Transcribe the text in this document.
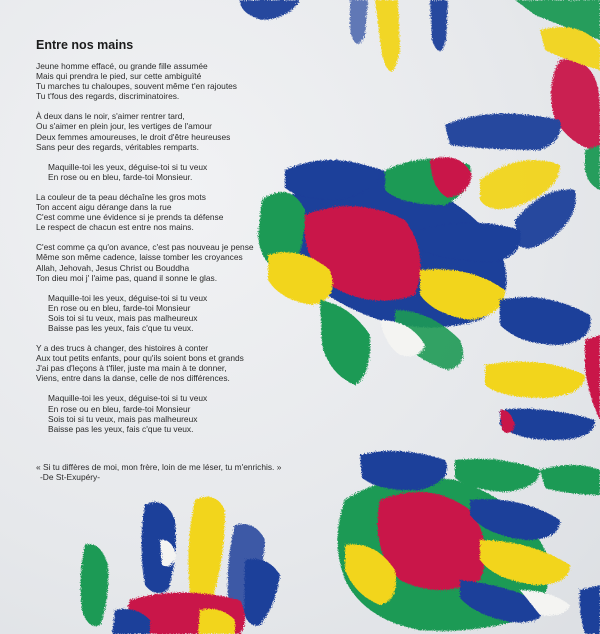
Entre nos mains
Jeune homme effacé, ou grande fille assumée
Mais qui prendra le pied, sur cette ambiguïté
Tu marches tu chaloupes, souvent même t'en rajoutes
Tu t'fous des regards, discriminatoires.
À deux dans le noir, s'aimer rentrer tard,
Ou s'aimer en plein jour, les vertiges de l'amour
Deux femmes amoureuses, le droit d'être heureuses
Sans peur des regards, véritables remparts.
Maquille-toi les yeux, déguise-toi si tu veux
En rose ou en bleu, farde-toi Monsieur.
La couleur de ta peau déchaîne les gros mots
Ton accent aigu dérange dans la rue
C'est comme une évidence si je prends ta défense
Le respect de chacun est entre nos mains.
C'est comme ça qu'on avance, c'est pas nouveau je pense
Même son même cadence, laisse tomber les croyances
Allah, Jehovah, Jesus Christ ou Bouddha
Ton dieu moi j' l'aime pas, quand il sonne le glas.
Maquille-toi les yeux, déguise-toi si tu veux
En rose ou en bleu, farde-toi Monsieur
Sois toi si tu veux, mais pas malheureux
Baisse pas les yeux, fais c'que tu veux.
Y a des trucs à changer, des histoires à conter
Aux tout petits enfants, pour qu'ils soient bons et grands
J'ai pas d'leçons à t'filer, juste ma main à te donner,
Viens, entre dans la danse, celle de nos différences.
Maquille-toi les yeux, déguise-toi si tu veux
En rose ou en bleu, farde-toi Monsieur
Sois toi si tu veux, mais pas malheureux
Baisse pas les yeux, fais c'que tu veux.
« Si tu diffères de moi, mon frère, loin de me léser, tu m'enrichis. »
-De St-Exupéry-
